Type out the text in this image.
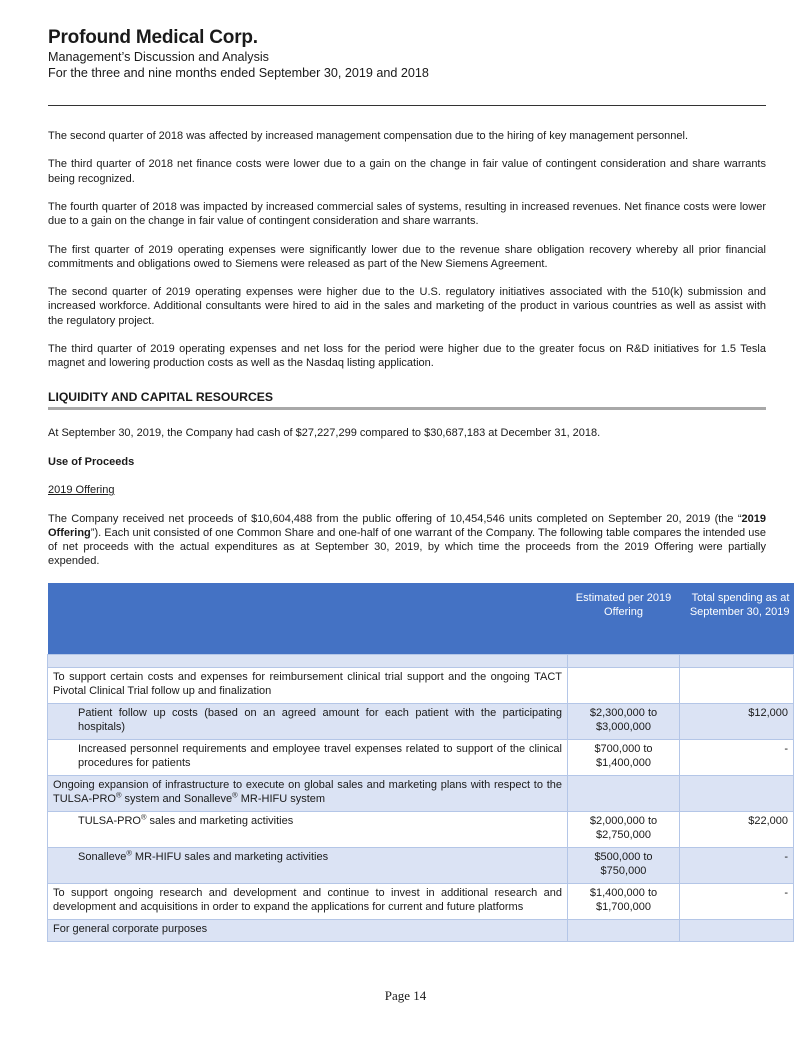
Profound Medical Corp.
Management’s Discussion and Analysis
For the three and nine months ended September 30, 2019 and 2018

The second quarter of 2018 was affected by increased management compensation due to the hiring of key management personnel.

The third quarter of 2018 net finance costs were lower due to a gain on the change in fair value of contingent consideration and share warrants being recognized.

The fourth quarter of 2018 was impacted by increased commercial sales of systems, resulting in increased revenues. Net finance costs were lower due to a gain on the change in fair value of contingent consideration and share warrants.

The first quarter of 2019 operating expenses were significantly lower due to the revenue share obligation recovery whereby all prior financial commitments and obligations owed to Siemens were released as part of the New Siemens Agreement.

The second quarter of 2019 operating expenses were higher due to the U.S. regulatory initiatives associated with the 510(k) submission and increased workforce. Additional consultants were hired to aid in the sales and marketing of the product in various countries as well as assist with the regulatory project.

The third quarter of 2019 operating expenses and net loss for the period were higher due to the greater focus on R&D initiatives for 1.5 Tesla magnet and lowering production costs as well as the Nasdaq listing application.

LIQUIDITY AND CAPITAL RESOURCES

At September 30, 2019, the Company had cash of $27,227,299 compared to $30,687,183 at December 31, 2018.

Use of Proceeds

2019 Offering

The Company received net proceeds of $10,604,488 from the public offering of 10,454,546 units completed on September 20, 2019 (the “2019 Offering”). Each unit consisted of one Common Share and one-half of one warrant of the Company. The following table compares the intended use of net proceeds with the actual expenditures as at September 30, 2019, by which time the proceeds from the 2019 Offering were partially expended.

	Estimated per 2019 Offering	Total spending as at September 30, 2019

To support certain costs and expenses for reimbursement clinical trial support and the ongoing TACT Pivotal Clinical Trial follow up and finalization		
Patient follow up costs (based on an agreed amount for each patient with the participating hospitals)	$2,300,000 to $3,000,000	$12,000
Increased personnel requirements and employee travel expenses related to support of the clinical procedures for patients	$700,000 to $1,400,000	-
Ongoing expansion of infrastructure to execute on global sales and marketing plans with respect to the TULSA-PRO® system and Sonalleve® MR-HIFU system		
TULSA-PRO® sales and marketing activities	$2,000,000 to $2,750,000	$22,000
Sonalleve® MR-HIFU sales and marketing activities	$500,000 to $750,000	-
To support ongoing research and development and continue to invest in additional research and development and acquisitions in order to expand the applications for current and future platforms	$1,400,000 to $1,700,000	-
For general corporate purposes		
Page 14
